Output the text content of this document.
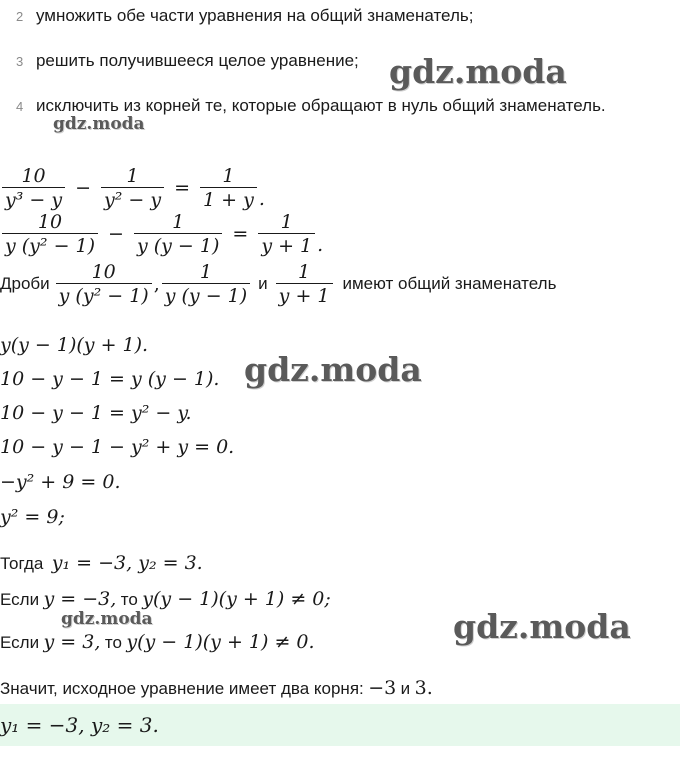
2 умножить обе части уравнения на общий знаменатель;
3 решить получившееся целое уравнение;
4 исключить из корней те, которые обращают в нуль общий знаменатель.
gdz.moda
gdz.moda
gdz.moda
gdz.moda	gdz.moda
$\frac{10}{\text{y³ − y}} - \frac{1}{\text{y² − y}} = \frac{1}{1 + y}$ .
$\frac{10}{\text{y (y² − 1)}} - \frac{1}{y (y - 1)} = \frac{1}{y + 1}$ .
Дроби $\frac{10}{\text{y (y² − 1)}}$ , $\frac{1}{y (y - 1)}$ и $\frac{1}{y + 1}$ имеют общий знаменатель
y(y − 1)(y + 1).
10 − y − 1 = y (y − 1).
10 − y − 1 = y² − y.
10 − y − 1 − y² + y = 0.
−y² + 9 = 0.
y² = 9;
Тогда y₁ = −3, y₂ = 3.
Если y = −3, то y(y − 1)(y + 1) ≠ 0;
Если y = 3, то y(y − 1)(y + 1) ≠ 0.
Значит, исходное уравнение имеет два корня: −3 и 3.
y₁ = −3, y₂ = 3.
